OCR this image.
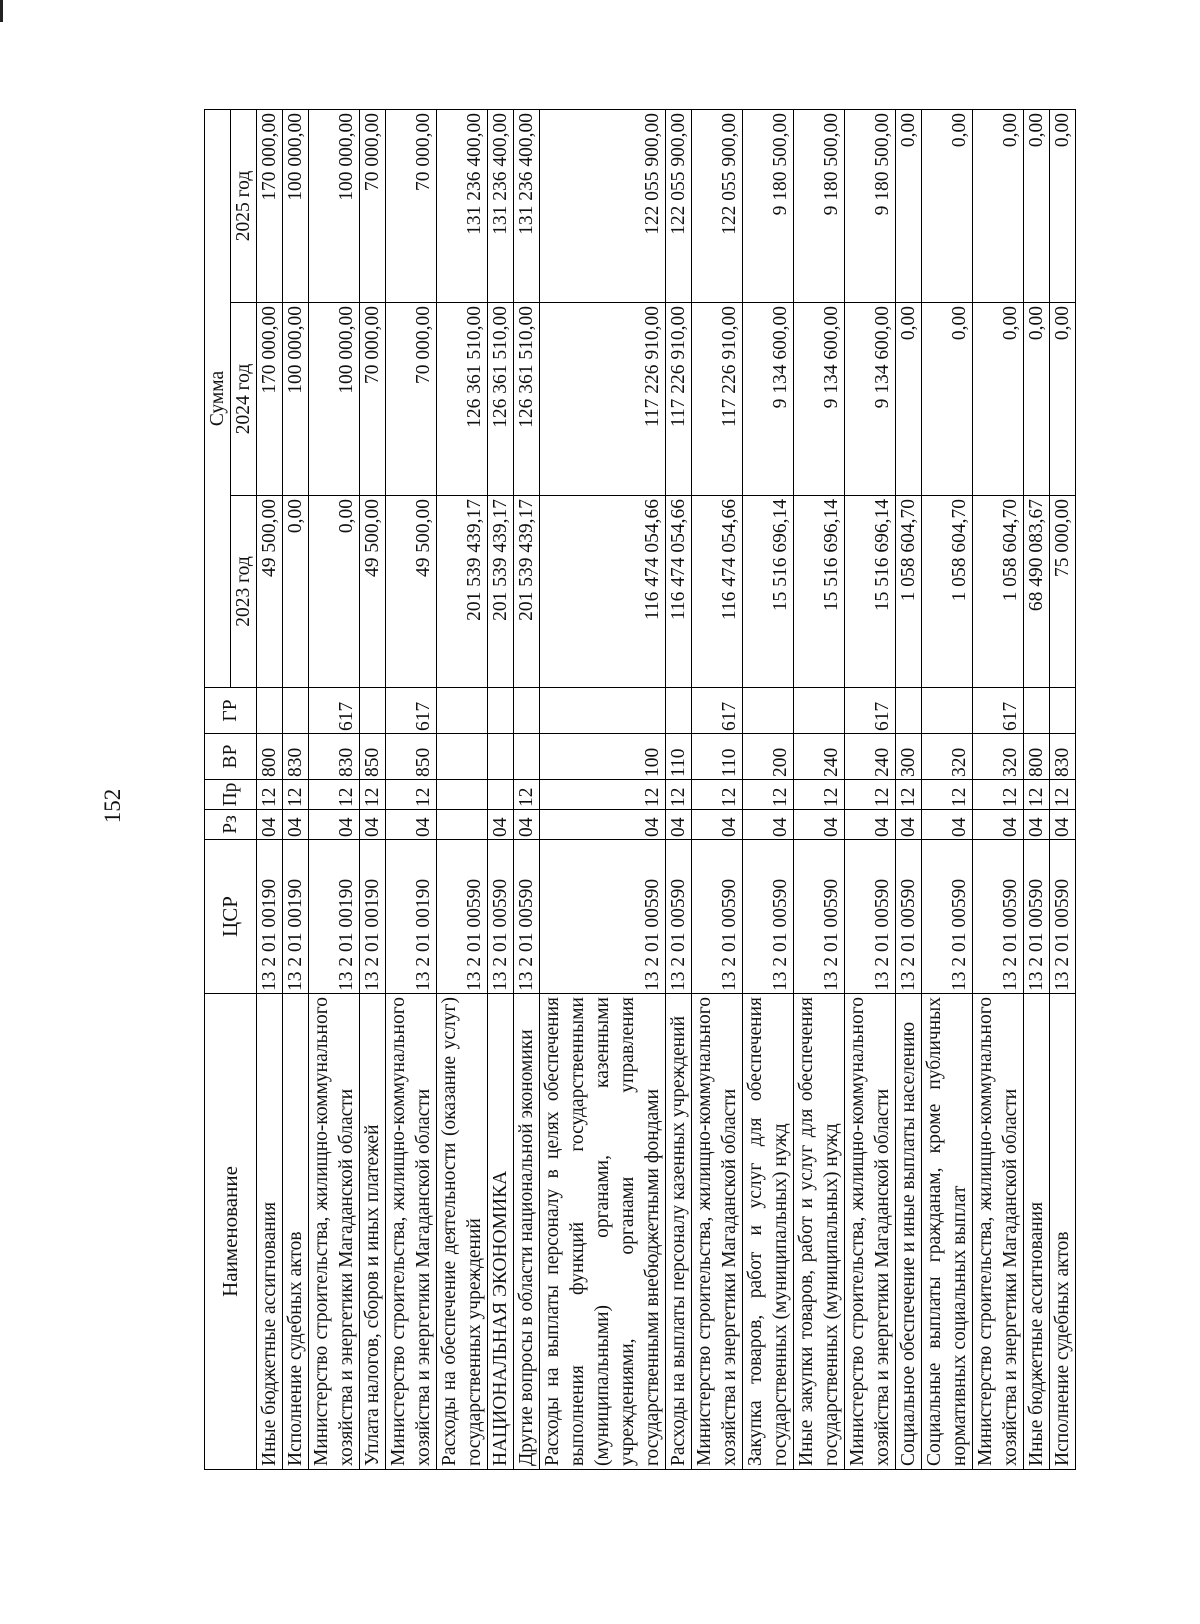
152
Наименование	ЦСР	Рз	Пр	ВР	ГР	Сумма		
						2023 год	2024 год	2025 год
Иные бюджетные ассигнования	13 2 01 00190	04	12	800		49 500,00	170 000,00	170 000,00
Исполнение судебных актов	13 2 01 00190	04	12	830		0,00	100 000,00	100 000,00
Министерство строительства, жилищно-коммунального хозяйства и энергетики Магаданской области	13 2 01 00190	04	12	830	617	0,00	100 000,00	100 000,00
Уплата налогов, сборов и иных платежей	13 2 01 00190	04	12	850		49 500,00	70 000,00	70 000,00
Министерство строительства, жилищно-коммунального хозяйства и энергетики Магаданской области	13 2 01 00190	04	12	850	617	49 500,00	70 000,00	70 000,00
Расходы на обеспечение деятельности (оказание услуг) государственных учреждений	13 2 01 00590					201 539 439,17	126 361 510,00	131 236 400,00
НАЦИОНАЛЬНАЯ ЭКОНОМИКА	13 2 01 00590	04				201 539 439,17	126 361 510,00	131 236 400,00
Другие вопросы в области национальной экономики	13 2 01 00590	04	12			201 539 439,17	126 361 510,00	131 236 400,00
Расходы на выплаты персоналу в целях обеспечения выполнения функций государственными (муниципальными) органами, казенными учреждениями, органами управления государственными внебюджетными фондами	13 2 01 00590	04	12	100		116 474 054,66	117 226 910,00	122 055 900,00
Расходы на выплаты персоналу казенных учреждений	13 2 01 00590	04	12	110		116 474 054,66	117 226 910,00	122 055 900,00
Министерство строительства, жилищно-коммунального хозяйства и энергетики Магаданской области	13 2 01 00590	04	12	110	617	116 474 054,66	117 226 910,00	122 055 900,00
Закупка товаров, работ и услуг для обеспечения государственных (муниципальных) нужд	13 2 01 00590	04	12	200		15 516 696,14	9 134 600,00	9 180 500,00
Иные закупки товаров, работ и услуг для обеспечения государственных (муниципальных) нужд	13 2 01 00590	04	12	240		15 516 696,14	9 134 600,00	9 180 500,00
Министерство строительства, жилищно-коммунального хозяйства и энергетики Магаданской области	13 2 01 00590	04	12	240	617	15 516 696,14	9 134 600,00	9 180 500,00
Социальное обеспечение и иные выплаты населению	13 2 01 00590	04	12	300		1 058 604,70	0,00	0,00
Социальные выплаты гражданам, кроме публичных нормативных социальных выплат	13 2 01 00590	04	12	320		1 058 604,70	0,00	0,00
Министерство строительства, жилищно-коммунального хозяйства и энергетики Магаданской области	13 2 01 00590	04	12	320	617	1 058 604,70	0,00	0,00
Иные бюджетные ассигнования	13 2 01 00590	04	12	800		68 490 083,67	0,00	0,00
Исполнение судебных актов	13 2 01 00590	04	12	830		75 000,00	0,00	0,00
